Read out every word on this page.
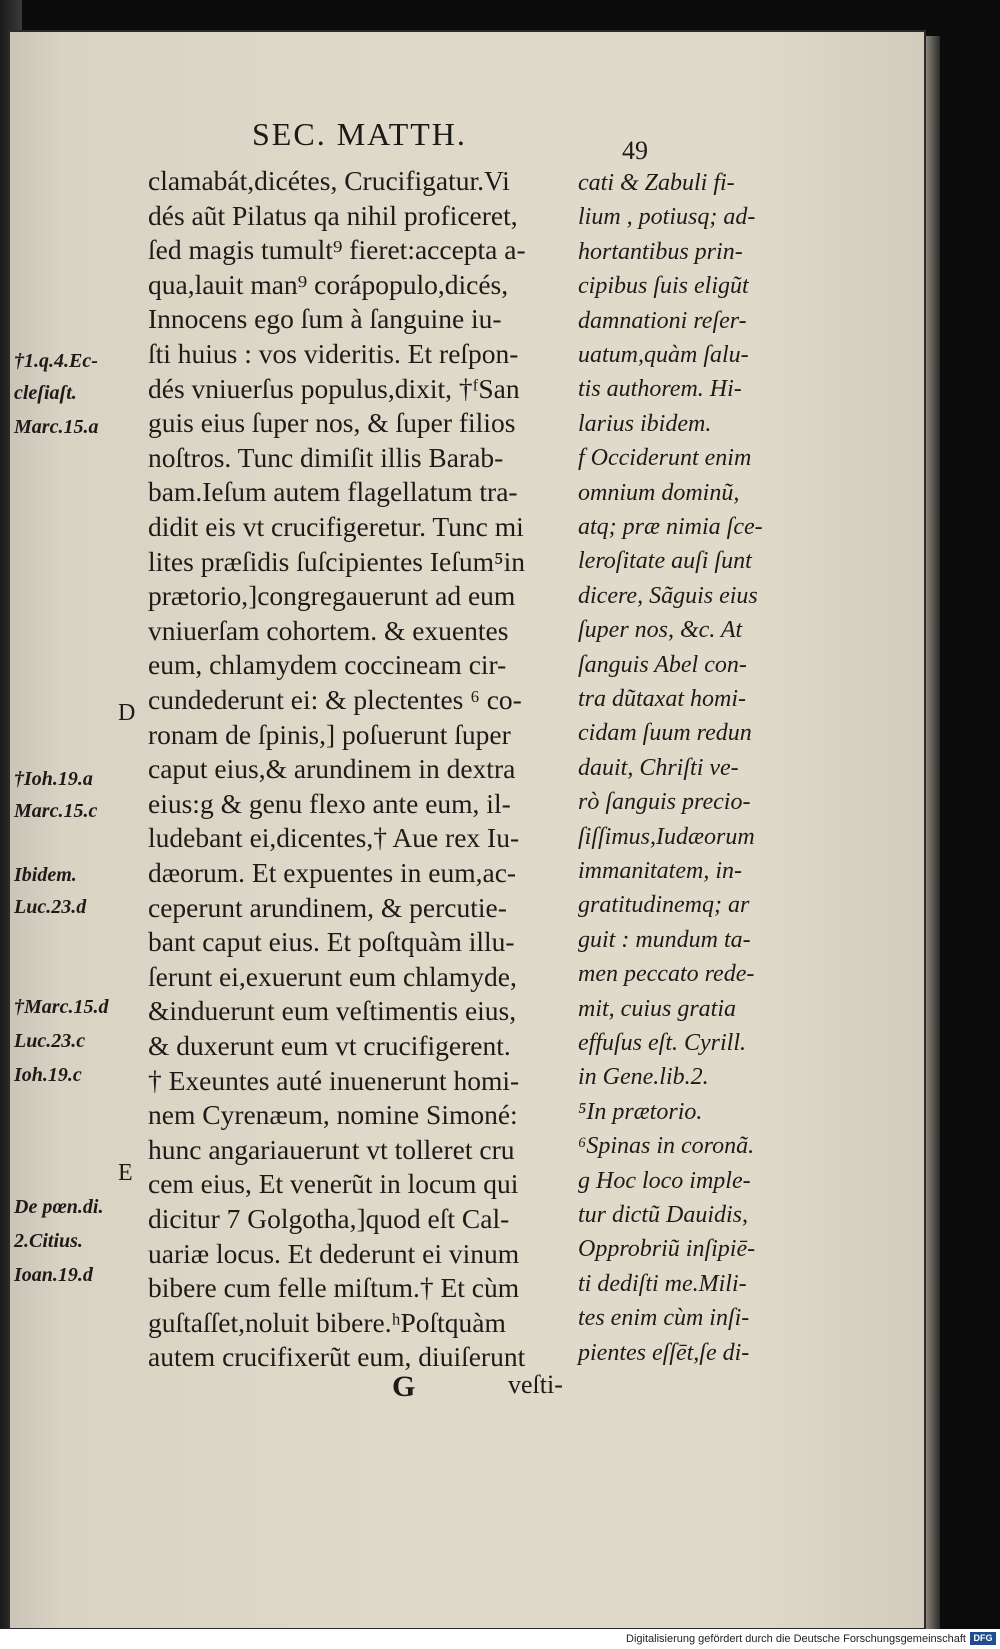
SEC. MATTH.	49
clamabát,dicétes, Crucifigatur.Vi
dés aũt Pilatus qa nihil proficeret,
ſed magis tumult⁹ fieret:accepta a-
qua,lauit man⁹ corápopulo,dicés,
Innocens ego ſum à ſanguine iu-
ſti huius : vos videritis. Et reſpon-
dés vniuerſus populus,dixit, †ᶠSan
guis eius ſuper nos, & ſuper filios
noſtros. Tunc dimiſit illis Barab-
bam.Ieſum autem flagellatum tra-
didit eis vt crucifigeretur. Tunc mi
lites præſidis ſuſcipientes Ieſum⁵in
prætorio,]congregauerunt ad eum
vniuerſam cohortem. & exuentes
eum, chlamydem coccineam cir-
cundederunt ei: & plectentes ⁶ co-
ronam de ſpinis,] poſuerunt ſuper
caput eius,& arundinem in dextra
eius:g & genu flexo ante eum, il-
ludebant ei,dicentes,† Aue rex Iu-
dæorum. Et expuentes in eum,ac-
ceperunt arundinem, & percutie-
bant caput eius. Et poſtquàm illu-
ſerunt ei,exuerunt eum chlamyde,
&induerunt eum veſtimentis eius,
& duxerunt eum vt crucifigerent.
† Exeuntes auté inuenerunt homi-
nem Cyrenæum, nomine Simoné:
hunc angariauerunt vt tolleret cru
cem eius, Et venerũt in locum qui
dicitur 7 Golgotha,]quod eſt Cal-
uariæ locus. Et dederunt ei vinum
bibere cum felle miſtum.† Et cùm
guſtaſſet,noluit bibere.ʰPoſtquàm
autem crucifixerũt eum, diuiſerunt
cati & Zabuli fi-
lium , potiusq; ad-
hortantibus prin-
cipibus ſuis eligũt
damnationi reſer-
uatum,quàm ſalu-
tis authorem. Hi-
larius ibidem.
f Occiderunt enim
omnium dominũ,
atq; præ nimia ſce-
leroſitate auſi ſunt
dicere, Sãguis eius
ſuper nos, &c. At
ſanguis Abel con-
tra dũtaxat homi-
cidam ſuum redun
dauit, Chriſti ve-
rò ſanguis precio-
ſiſſimus,Iudæorum
immanitatem, in-
gratitudinemq; ar
guit : mundum ta-
men peccato rede-
mit, cuius gratia
effuſus eſt. Cyrill.
in Gene.lib.2.
⁵In prætorio.
⁶Spinas in coronã.
g Hoc loco imple-
tur dictũ Dauidis,
Opprobriũ inſipiē-
ti dediſti me.Mili-
tes enim cùm inſi-
pientes eſſēt,ſe di-
†1.q.4.Ec-
cleſiaſt.
Marc.15.a
†Ioh.19.a
Marc.15.c
Ibidem.
Luc.23.d
†Marc.15.d
Luc.23.c
Ioh.19.c
De pœn.di.
2.Citius.
Ioan.19.d
D
E
G	veſti-
Digitalisierung gefördert durch die Deutsche Forschungsgemeinschaft DFG
